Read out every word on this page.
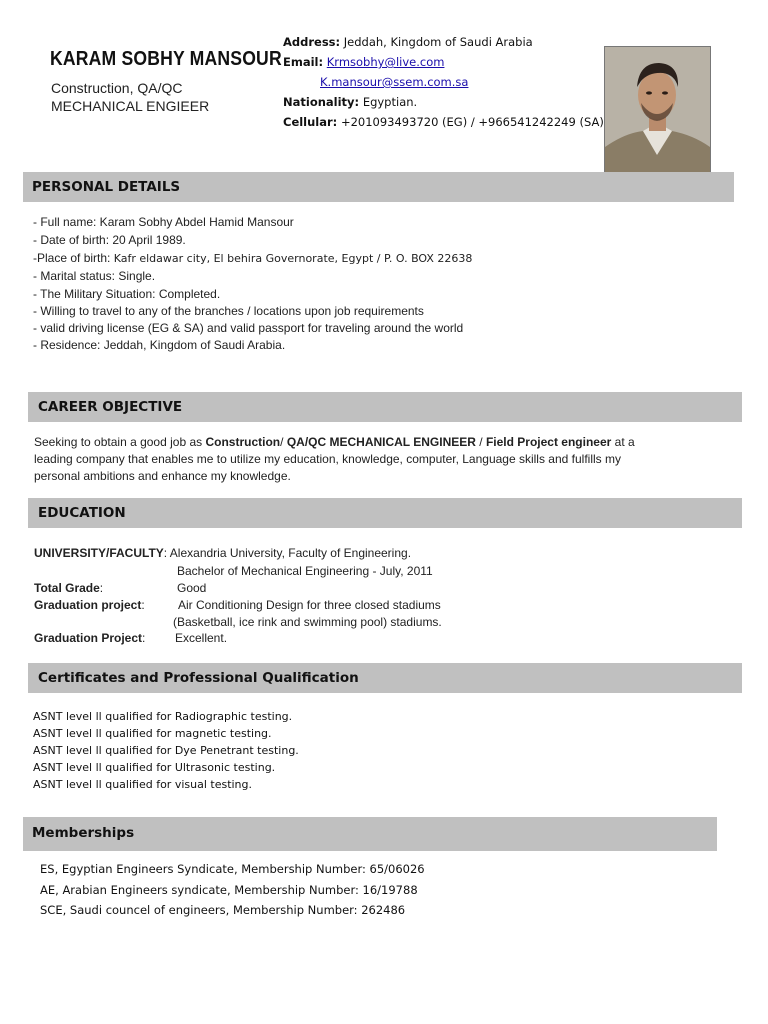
KARAM SOBHY MANSOUR
Construction, QA/QC
MECHANICAL ENGIEER
Address: Jeddah, Kingdom of Saudi Arabia
Email: Krmsobhy@live.com
K.mansour@ssem.com.sa
Nationality: Egyptian.
Cellular: +201093493720 (EG) / +966541242249 (SA)
PERSONAL DETAILS
- Full name: Karam Sobhy Abdel Hamid Mansour
- Date of birth: 20 April 1989.
-Place of birth: Kafr eldawar city, El behira Governorate, Egypt / P. O. BOX 22638
- Marital status: Single.
- The Military Situation: Completed.
- Willing to travel to any of the branches / locations upon job requirements
- valid driving license (EG & SA) and valid passport for traveling around the world
- Residence: Jeddah, Kingdom of Saudi Arabia.
CAREER OBJECTIVE
Seeking to obtain a good job as Construction/ QA/QC MECHANICAL ENGINEER / Field Project engineer at a
leading company that enables me to utilize my education, knowledge, computer, Language skills and fulfills my
personal ambitions and enhance my knowledge.
EDUCATION
UNIVERSITY/FACULTY: Alexandria University, Faculty of Engineering.
Bachelor of Mechanical Engineering - July, 2011
Total Grade:	Good
Graduation project:	Air Conditioning Design for three closed stadiums
(Basketball, ice rink and swimming pool) stadiums.
Graduation Project: Excellent.
Certificates and Professional Qualification
ASNT level ll qualified for Radiographic testing.
ASNT level ll qualified for magnetic testing.
ASNT level ll qualified for Dye Penetrant testing.
ASNT level ll qualified for Ultrasonic testing.
ASNT level ll qualified for visual testing.
Memberships
ES, Egyptian Engineers Syndicate, Membership Number: 65/06026
AE, Arabian Engineers syndicate, Membership Number: 16/19788
SCE, Saudi councel of engineers, Membership Number: 262486
